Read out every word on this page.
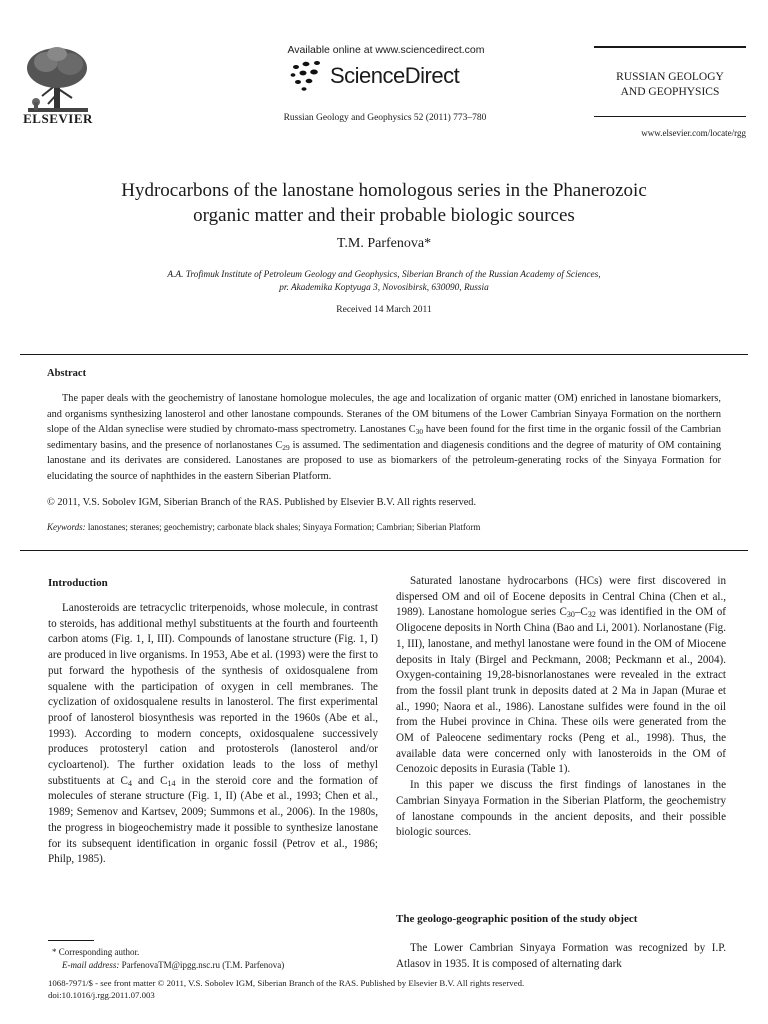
ELSEVIER
Available online at www.sciencedirect.com
ScienceDirect
Russian Geology and Geophysics 52 (2011) 773–780
RUSSIAN GEOLOGY
AND GEOPHYSICS
www.elsevier.com/locate/rgg
Hydrocarbons of the lanostane homologous series in the Phanerozoic
organic matter and their probable biologic sources
T.M. Parfenova*
A.A. Trofimuk Institute of Petroleum Geology and Geophysics, Siberian Branch of the Russian Academy of Sciences,
pr. Akademika Koptyuga 3, Novosibirsk, 630090, Russia
Received 14 March 2011
Abstract
The paper deals with the geochemistry of lanostane homologue molecules, the age and localization of organic matter (OM) enriched in lanostane biomarkers, and organisms synthesizing lanosterol and other lanostane compounds. Steranes of the OM bitumens of the Lower Cambrian Sinyaya Formation on the northern slope of the Aldan syneclise were studied by chromato-mass spectrometry. Lanostanes $C_{30}$ have been found for the first time in the organic fossil of the Cambrian sedimentary basins, and the presence of norlanostanes $C_{29}$ is assumed. The sedimentation and diagenesis conditions and the degree of maturity of OM containing lanostane and its derivates are considered. Lanostanes are proposed to use as biomarkers of the petroleum-generating rocks of the Sinyaya Formation for elucidating the source of naphthides in the eastern Siberian Platform.
© 2011, V.S. Sobolev IGM, Siberian Branch of the RAS. Published by Elsevier B.V. All rights reserved.
Keywords: lanostanes; steranes; geochemistry; carbonate black shales; Sinyaya Formation; Cambrian; Siberian Platform
Introduction

Lanosteroids are tetracyclic triterpenoids, whose molecule, in contrast to steroids, has additional methyl substituents at the fourth and fourteenth carbon atoms (Fig. 1, I, III). Compounds of lanostane structure (Fig. 1, I) are produced in live organisms. In 1953, Abe et al. (1993) were the first to put forward the hypothesis of the synthesis of oxidosqualene from squalene with the participation of oxygen in cell membranes. The cyclization of oxidosqualene results in lanosterol. The first experimental proof of lanosterol biosynthesis was reported in the 1960s (Abe et al., 1993). According to modern concepts, oxidosqualene successively produces protosteryl cation and protosterols (lanosterol and/or cycloartenol). The further oxidation leads to the loss of methyl substituents at $C_4$ and $C_{14}$ in the steroid core and the formation of molecules of sterane structure (Fig. 1, II) (Abe et al., 1993; Chen et al., 1989; Semenov and Kartsev, 2009; Summons et al., 2006). In the 1980s, the progress in biogeochemistry made it possible to synthesize lanostane for its subsequent identification in organic fossil (Petrov et al., 1986; Philp, 1985).

Saturated lanostane hydrocarbons (HCs) were first discovered in dispersed OM and oil of Eocene deposits in Central China (Chen et al., 1989). Lanostane homologue series $C_{30}-C_{32}$ was identified in the OM of Oligocene deposits in North China (Bao and Li, 2001). Norlanostane (Fig. 1, III), lanostane, and methyl lanostane were found in the OM of Miocene deposits in Italy (Birgel and Peckmann, 2008; Peckmann et al., 2004). Oxygen-containing 19,28-bisnorlanostanes were revealed in the extract from the fossil plant trunk in deposits dated at 2 Ma in Japan (Murae et al., 1990; Naora et al., 1986). Lanostane sulfides were found in the oil from the Hubei province in China. These oils were generated from the OM of Paleocene sedimentary rocks (Peng et al., 1998). Thus, the available data were concerned only with lanosteroids in the OM of Cenozoic deposits in Eurasia (Table 1).

In this paper we discuss the first findings of lanostanes in the Cambrian Sinyaya Formation in the Siberian Platform, the geochemistry of lanostane compounds in the ancient deposits, and their possible biologic sources.

The geologo-geographic position of the study object

The Lower Cambrian Sinyaya Formation was recognized by I.P. Atlasov in 1935. It is composed of alternating dark

* Corresponding author.
E-mail address: ParfenovaTM@ipgg.nsc.ru (T.M. Parfenova)
1068-7971/$ - see front matter © 2011, V.S. Sobolev IGM, Siberian Branch of the RAS. Published by Elsevier B.V. All rights reserved.
doi:10.1016/j.rgg.2011.07.003
